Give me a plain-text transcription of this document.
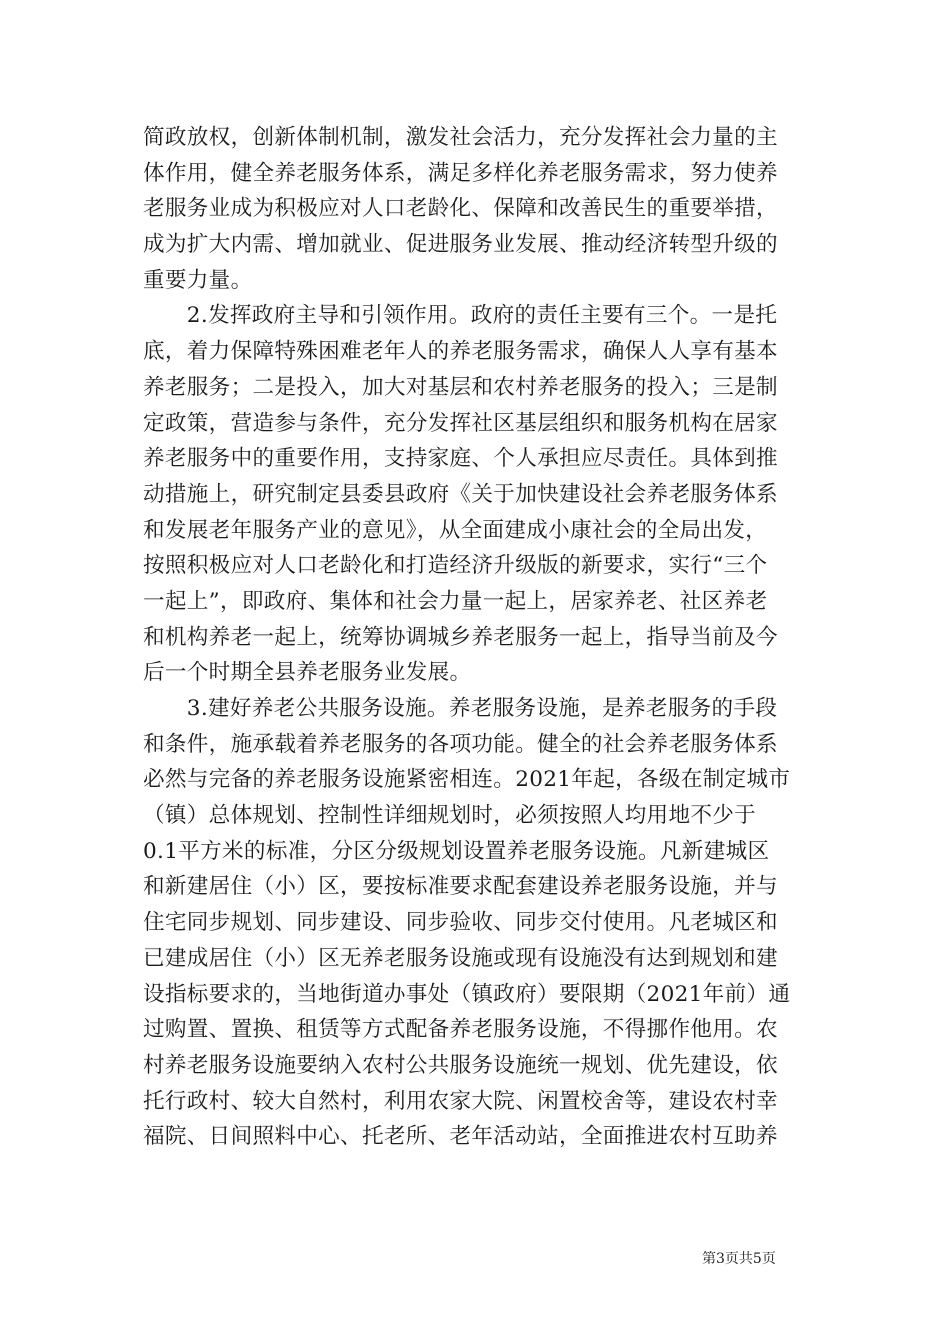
简政放权，创新体制机制，激发社会活力，充分发挥社会力量的主
体作用，健全养老服务体系，满足多样化养老服务需求，努力使养
老服务业成为积极应对人口老龄化、保障和改善民生的重要举措，
成为扩大内需、增加就业、促进服务业发展、推动经济转型升级的
重要力量。
　　2.发挥政府主导和引领作用。政府的责任主要有三个。一是托
底，着力保障特殊困难老年人的养老服务需求，确保人人享有基本
养老服务；二是投入，加大对基层和农村养老服务的投入；三是制
定政策，营造参与条件，充分发挥社区基层组织和服务机构在居家
养老服务中的重要作用，支持家庭、个人承担应尽责任。具体到推
动措施上，研究制定县委县政府《关于加快建设社会养老服务体系
和发展老年服务产业的意见》，从全面建成小康社会的全局出发，
按照积极应对人口老龄化和打造经济升级版的新要求，实行“三个
一起上”，即政府、集体和社会力量一起上，居家养老、社区养老
和机构养老一起上，统筹协调城乡养老服务一起上，指导当前及今
后一个时期全县养老服务业发展。
　　3.建好养老公共服务设施。养老服务设施，是养老服务的手段
和条件，施承载着养老服务的各项功能。健全的社会养老服务体系
必然与完备的养老服务设施紧密相连。2021年起，各级在制定城市
（镇）总体规划、控制性详细规划时，必须按照人均用地不少于
0.1平方米的标准，分区分级规划设置养老服务设施。凡新建城区
和新建居住（小）区，要按标准要求配套建设养老服务设施，并与
住宅同步规划、同步建设、同步验收、同步交付使用。凡老城区和
已建成居住（小）区无养老服务设施或现有设施没有达到规划和建
设指标要求的，当地街道办事处（镇政府）要限期（2021年前）通
过购置、置换、租赁等方式配备养老服务设施，不得挪作他用。农
村养老服务设施要纳入农村公共服务设施统一规划、优先建设，依
托行政村、较大自然村，利用农家大院、闲置校舍等，建设农村幸
福院、日间照料中心、托老所、老年活动站，全面推进农村互助养
第3页共5页
